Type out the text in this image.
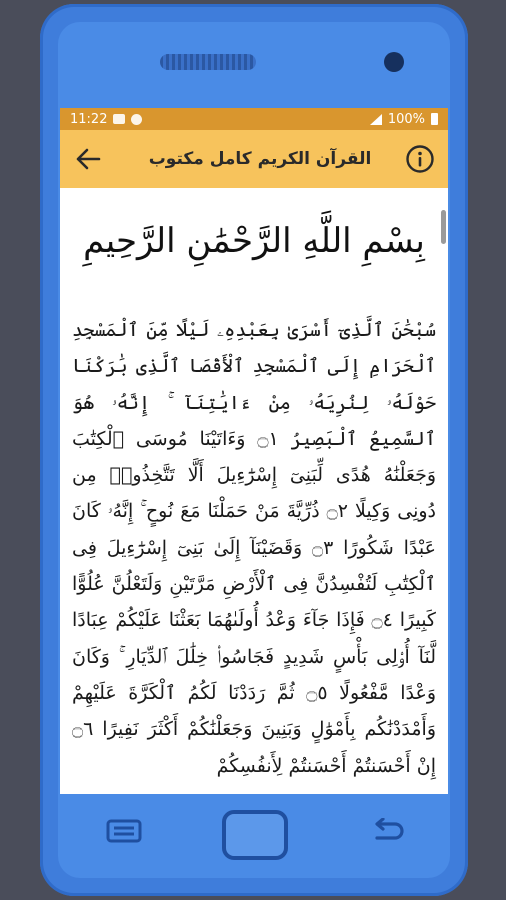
11:22	100%
القرآن الكريم كامل مكتوب
بِسْمِ اللَّهِ الرَّحْمَٰنِ الرَّحِيمِ
سُبْحَٰنَ ٱلَّذِىٓ أَسْرَىٰ بِعَبْدِهِۦ لَيْلًا مِّنَ ٱلْمَسْجِدِ ٱلْحَرَامِ إِلَى ٱلْمَسْجِدِ ٱلْأَقْصَا ٱلَّذِى بَٰرَكْنَا حَوْلَهُۥ لِنُرِيَهُۥ مِنْ ءَايَٰتِنَآ ۚ إِنَّهُۥ هُوَ ٱلسَّمِيعُ ٱلْبَصِيرُ ۝١ وَءَاتَيْنَا مُوسَى ٱلْكِتَٰبَ وَجَعَلْنَٰهُ هُدًى لِّبَنِىٓ إِسْرَٰٓءِيلَ أَلَّا تَتَّخِذُوا۟ مِن دُونِى وَكِيلًا ۝٢ ذُرِّيَّةَ مَنْ حَمَلْنَا مَعَ نُوحٍ ۚ إِنَّهُۥ كَانَ عَبْدًا شَكُورًا ۝٣ وَقَضَيْنَآ إِلَىٰ بَنِىٓ إِسْرَٰٓءِيلَ فِى ٱلْكِتَٰبِ لَتُفْسِدُنَّ فِى ٱلْأَرْضِ مَرَّتَيْنِ وَلَتَعْلُنَّ عُلُوًّا كَبِيرًا ۝٤ فَإِذَا جَآءَ وَعْدُ أُولَىٰهُمَا بَعَثْنَا عَلَيْكُمْ عِبَادًا لَّنَآ أُو۟لِى بَأْسٍ شَدِيدٍ فَجَاسُوا۟ خِلَٰلَ ٱلدِّيَارِ ۚ وَكَانَ وَعْدًا مَّفْعُولًا ۝٥ ثُمَّ رَدَدْنَا لَكُمُ ٱلْكَرَّةَ عَلَيْهِمْ وَأَمْدَدْنَٰكُم بِأَمْوَٰلٍ وَبَنِينَ وَجَعَلْنَٰكُمْ أَكْثَرَ نَفِيرًا ۝٦ إِنْ أَحْسَنتُمْ أَحْسَنتُمْ لِأَنفُسِكُمْ
